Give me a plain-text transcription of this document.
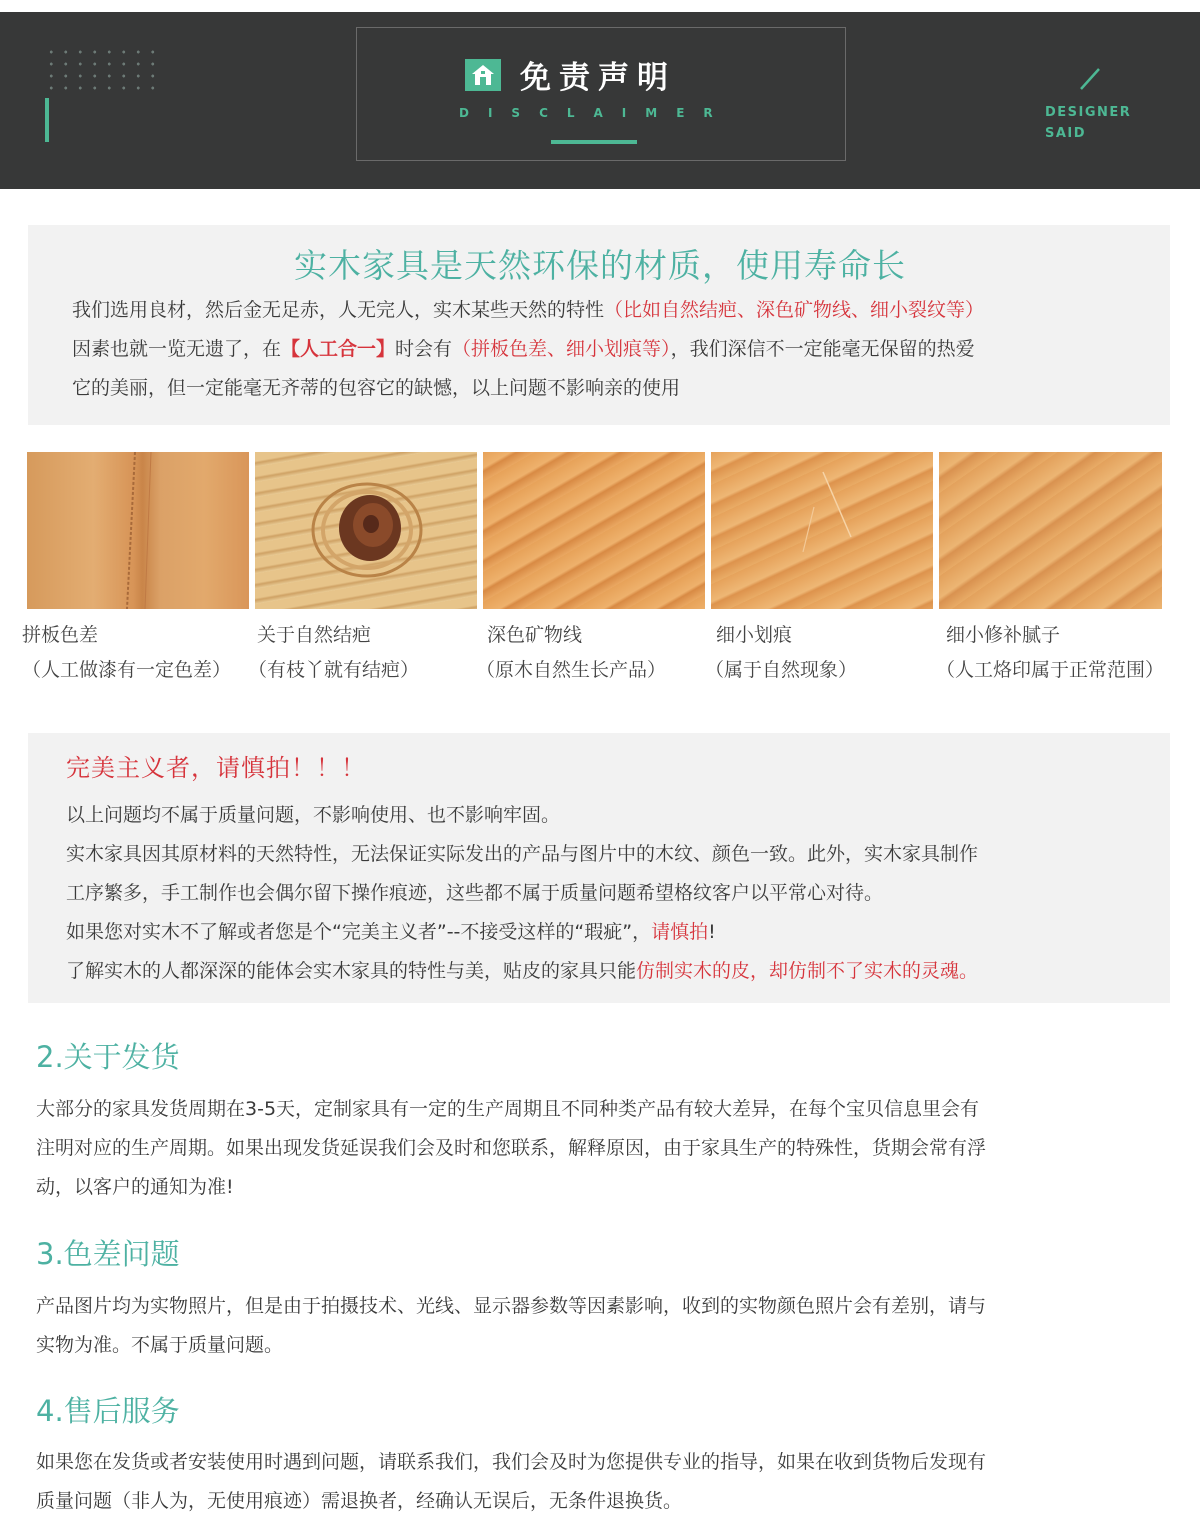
免责声明
DISCLAIMER	DESIGNER
SAID
实木家具是天然环保的材质，使用寿命长
我们选用良材，然后金无足赤，人无完人，实木某些天然的特性（比如自然结疤、深色矿物线、细小裂纹等）
因素也就一览无遗了，在【人工合一】时会有（拼板色差、细小划痕等），我们深信不一定能毫无保留的热爱
它的美丽，但一定能毫无齐蒂的包容它的缺憾，以上问题不影响亲的使用
拼板色差
（人工做漆有一定色差）
关于自然结疤
（有枝丫就有结疤）
深色矿物线
（原木自然生长产品）
细小划痕
（属于自然现象）
细小修补腻子
（人工烙印属于正常范围）
完美主义者，请慎拍！！！
以上问题均不属于质量问题，不影响使用、也不影响牢固。
实木家具因其原材料的天然特性，无法保证实际发出的产品与图片中的木纹、颜色一致。此外，实木家具制作
工序繁多，手工制作也会偶尔留下操作痕迹，这些都不属于质量问题希望格纹客户以平常心对待。
如果您对实木不了解或者您是个“完美主义者”--不接受这样的“瑕疵”，请慎拍!
了解实木的人都深深的能体会实木家具的特性与美，贴皮的家具只能仿制实木的皮，却仿制不了实木的灵魂。
2.关于发货
大部分的家具发货周期在3-5天，定制家具有一定的生产周期且不同种类产品有较大差异，在每个宝贝信息里会有
注明对应的生产周期。如果出现发货延误我们会及时和您联系，解释原因，由于家具生产的特殊性，货期会常有浮
动，以客户的通知为准!
3.色差问题
产品图片均为实物照片，但是由于拍摄技术、光线、显示器参数等因素影响，收到的实物颜色照片会有差别，请与
实物为准。不属于质量问题。
4.售后服务
如果您在发货或者安装使用时遇到问题，请联系我们，我们会及时为您提供专业的指导，如果在收到货物后发现有
质量问题（非人为，无使用痕迹）需退换者，经确认无误后，无条件退换货。
